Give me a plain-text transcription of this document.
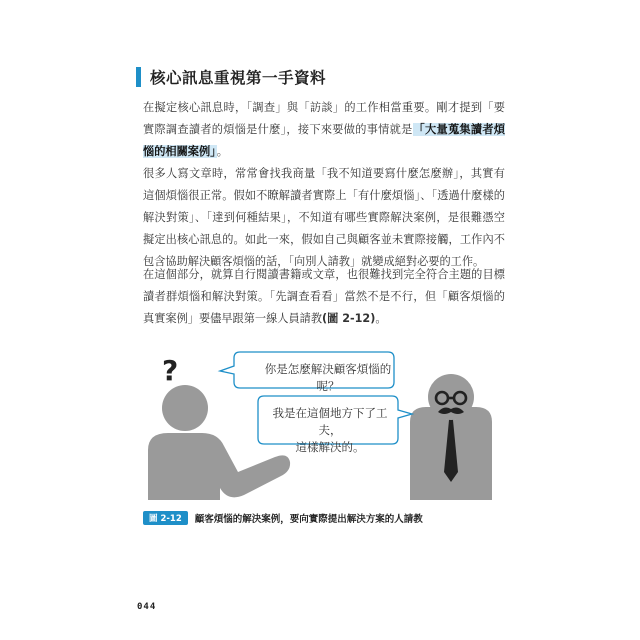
核心訊息重視第一手資料
在擬定核心訊息時，「調查」與「訪談」的工作相當重要。剛才提到「要實際調查讀者的煩惱是什麼」，接下來要做的事情就是「大量蒐集讀者煩惱的相關案例」。
很多人寫文章時，常常會找我商量「我不知道要寫什麼怎麼辦」，其實有這個煩惱很正常。假如不瞭解讀者實際上「有什麼煩惱」、「透過什麼樣的解決對策」、「達到何種結果」，不知道有哪些實際解決案例，是很難憑空擬定出核心訊息的。如此一來，假如自己與顧客並未實際接觸，工作內不包含協助解決顧客煩惱的話，「向別人請教」就變成絕對必要的工作。
在這個部分，就算自行閱讀書籍或文章，也很難找到完全符合主題的目標讀者群煩惱和解決對策。「先調查看看」當然不是不行，但「顧客煩惱的真實案例」要儘早跟第一線人員請教(圖 2-12)。
?	你是怎麼解決顧客煩惱的呢？
我是在這個地方下了工夫，
這樣解決的。
圖 2-12	顧客煩惱的解決案例，要向實際提出解決方案的人請教
044
